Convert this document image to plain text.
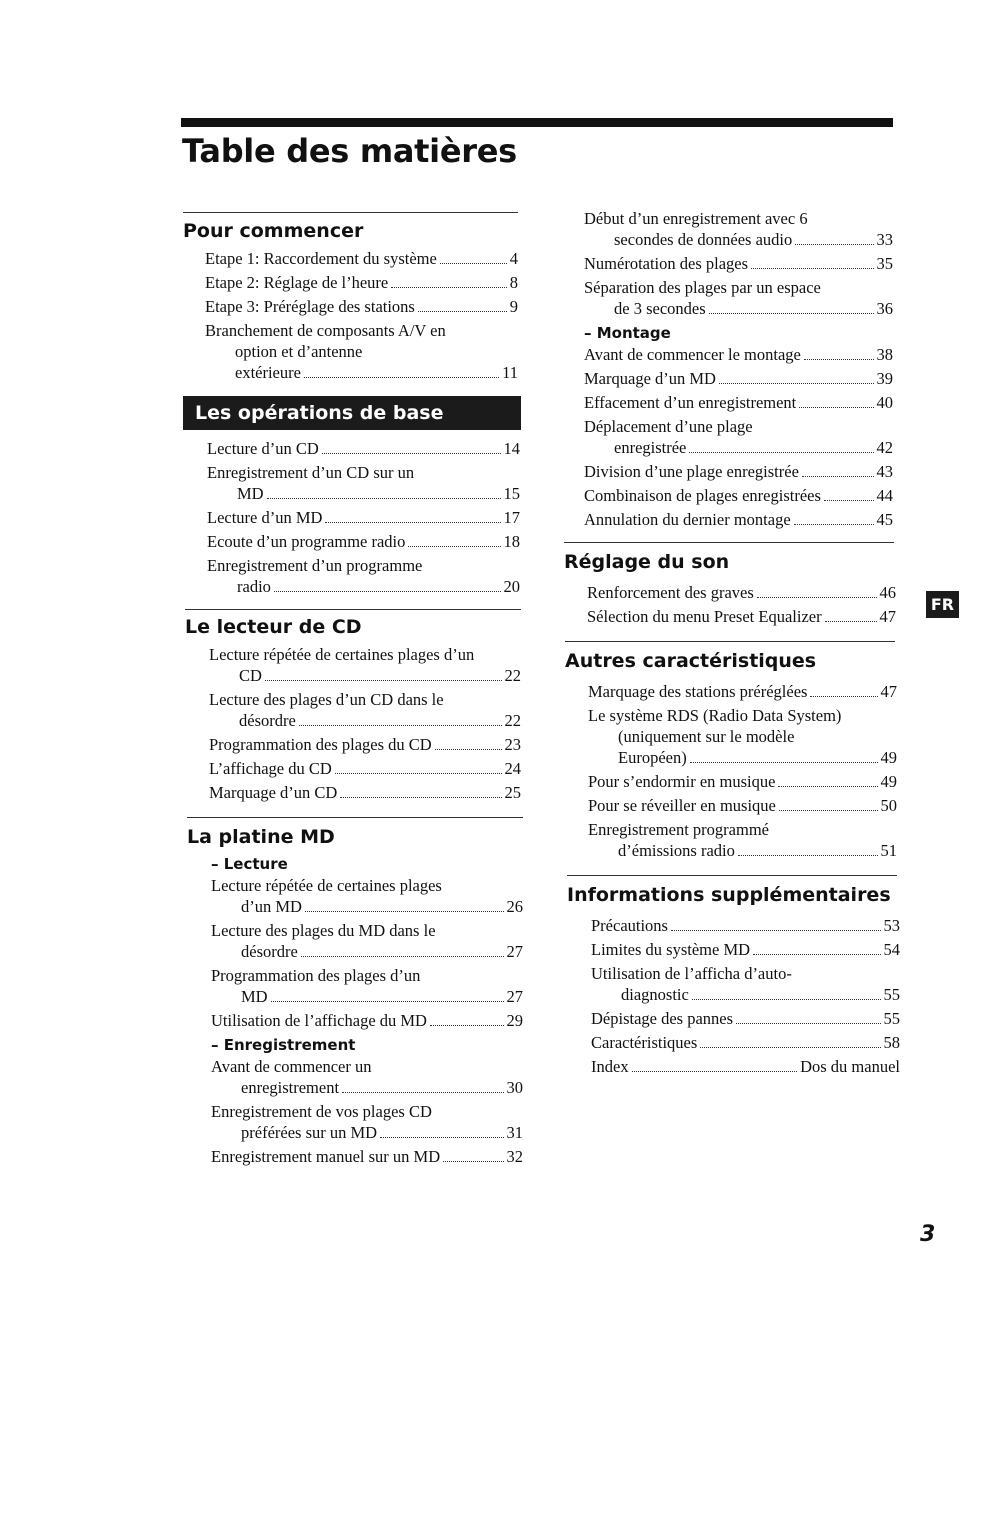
Table des matières
Pour commencer
Etape 1: Raccordement du système	4
Etape 2: Réglage de l’heure	8
Etape 3: Préréglage des stations	9
Branchement de composants A/V en
option et d’antenne
extérieure	11
Les opérations de base
Lecture d’un CD	14
Enregistrement d’un CD sur un
MD	15
Lecture d’un MD	17
Ecoute d’un programme radio	18
Enregistrement d’un programme
radio	20
Le lecteur de CD
Lecture répétée de certaines plages d’un
CD	22
Lecture des plages d’un CD dans le
désordre	22
Programmation des plages du CD	23
L’affichage du CD	24
Marquage d’un CD	25
La platine MD
– Lecture
Lecture répétée de certaines plages
d’un MD	26
Lecture des plages du MD dans le
désordre	27
Programmation des plages d’un
MD	27
Utilisation de l’affichage du MD	29
– Enregistrement
Avant de commencer un
enregistrement	30
Enregistrement de vos plages CD
préférées sur un MD	31
Enregistrement manuel sur un MD	32
Début d’un enregistrement avec 6
secondes de données audio	33
Numérotation des plages	35
Séparation des plages par un espace
de 3 secondes	36
– Montage
Avant de commencer le montage	38
Marquage d’un MD	39
Effacement d’un enregistrement	40
Déplacement d’une plage
enregistrée	42
Division d’une plage enregistrée	43
Combinaison de plages enregistrées	44
Annulation du dernier montage	45
Réglage du son
Renforcement des graves	46
Sélection du menu Preset Equalizer	47
Autres caractéristiques
Marquage des stations préréglées	47
Le système RDS (Radio Data System)
(uniquement sur le modèle
Européen)	49
Pour s’endormir en musique	49
Pour se réveiller en musique	50
Enregistrement programmé
d’émissions radio	51
Informations supplémentaires
Précautions	53
Limites du système MD	54
Utilisation de l’afficha d’auto-
diagnostic	55
Dépistage des pannes	55
Caractéristiques	58
Index	Dos du manuel
FR
3
